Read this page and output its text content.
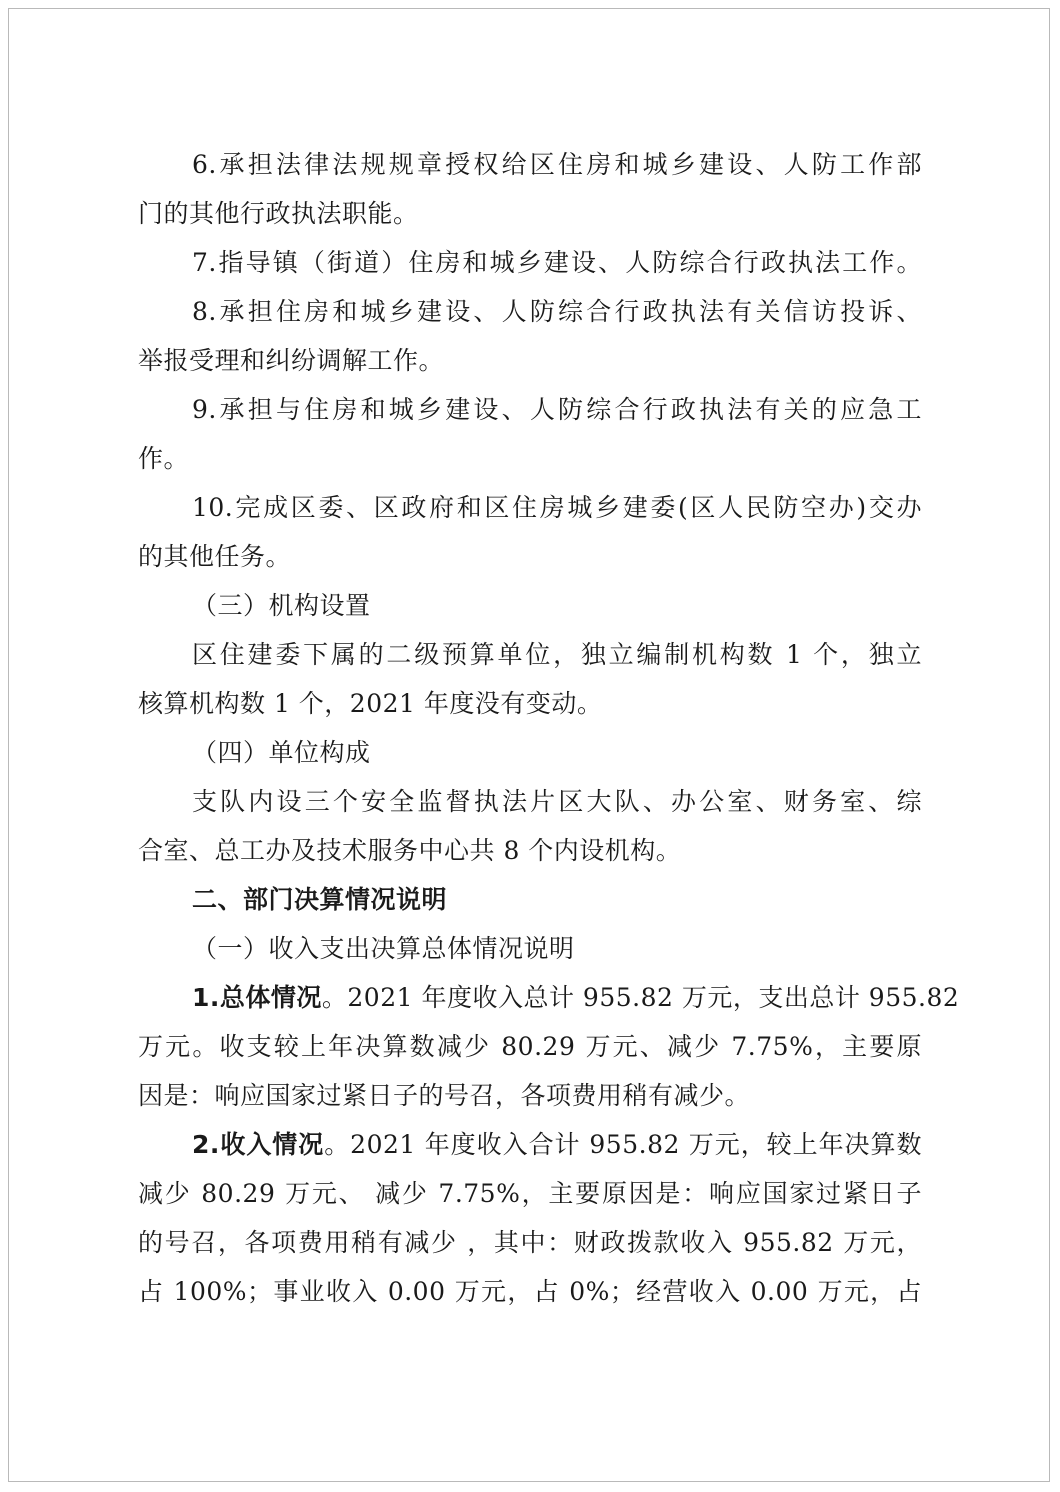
6.承担法律法规规章授权给区住房和城乡建设、人防工作部
门的其他行政执法职能。
7.指导镇（街道）住房和城乡建设、人防综合行政执法工作。
8.承担住房和城乡建设、人防综合行政执法有关信访投诉、
举报受理和纠纷调解工作。
9.承担与住房和城乡建设、人防综合行政执法有关的应急工
作。
10.完成区委、区政府和区住房城乡建委(区人民防空办)交办
的其他任务。
（三）机构设置
区住建委下属的二级预算单位，独立编制机构数 1 个，独立
核算机构数 1 个，2021 年度没有变动。
（四）单位构成
支队内设三个安全监督执法片区大队、办公室、财务室、综
合室、总工办及技术服务中心共 8 个内设机构。
二、部门决算情况说明
（一）收入支出决算总体情况说明
1.总体情况。2021 年度收入总计 955.82 万元，支出总计 955.82
万元。收支较上年决算数减少 80.29 万元、减少 7.75%，主要原
因是：响应国家过紧日子的号召，各项费用稍有减少。
2.收入情况。2021 年度收入合计 955.82 万元，较上年决算数
减少 80.29 万元、 减少 7.75%，主要原因是：响应国家过紧日子
的号召，各项费用稍有减少 ，其中：财政拨款收入 955.82 万元，
占 100%；事业收入 0.00 万元，占 0%；经营收入 0.00 万元，占
